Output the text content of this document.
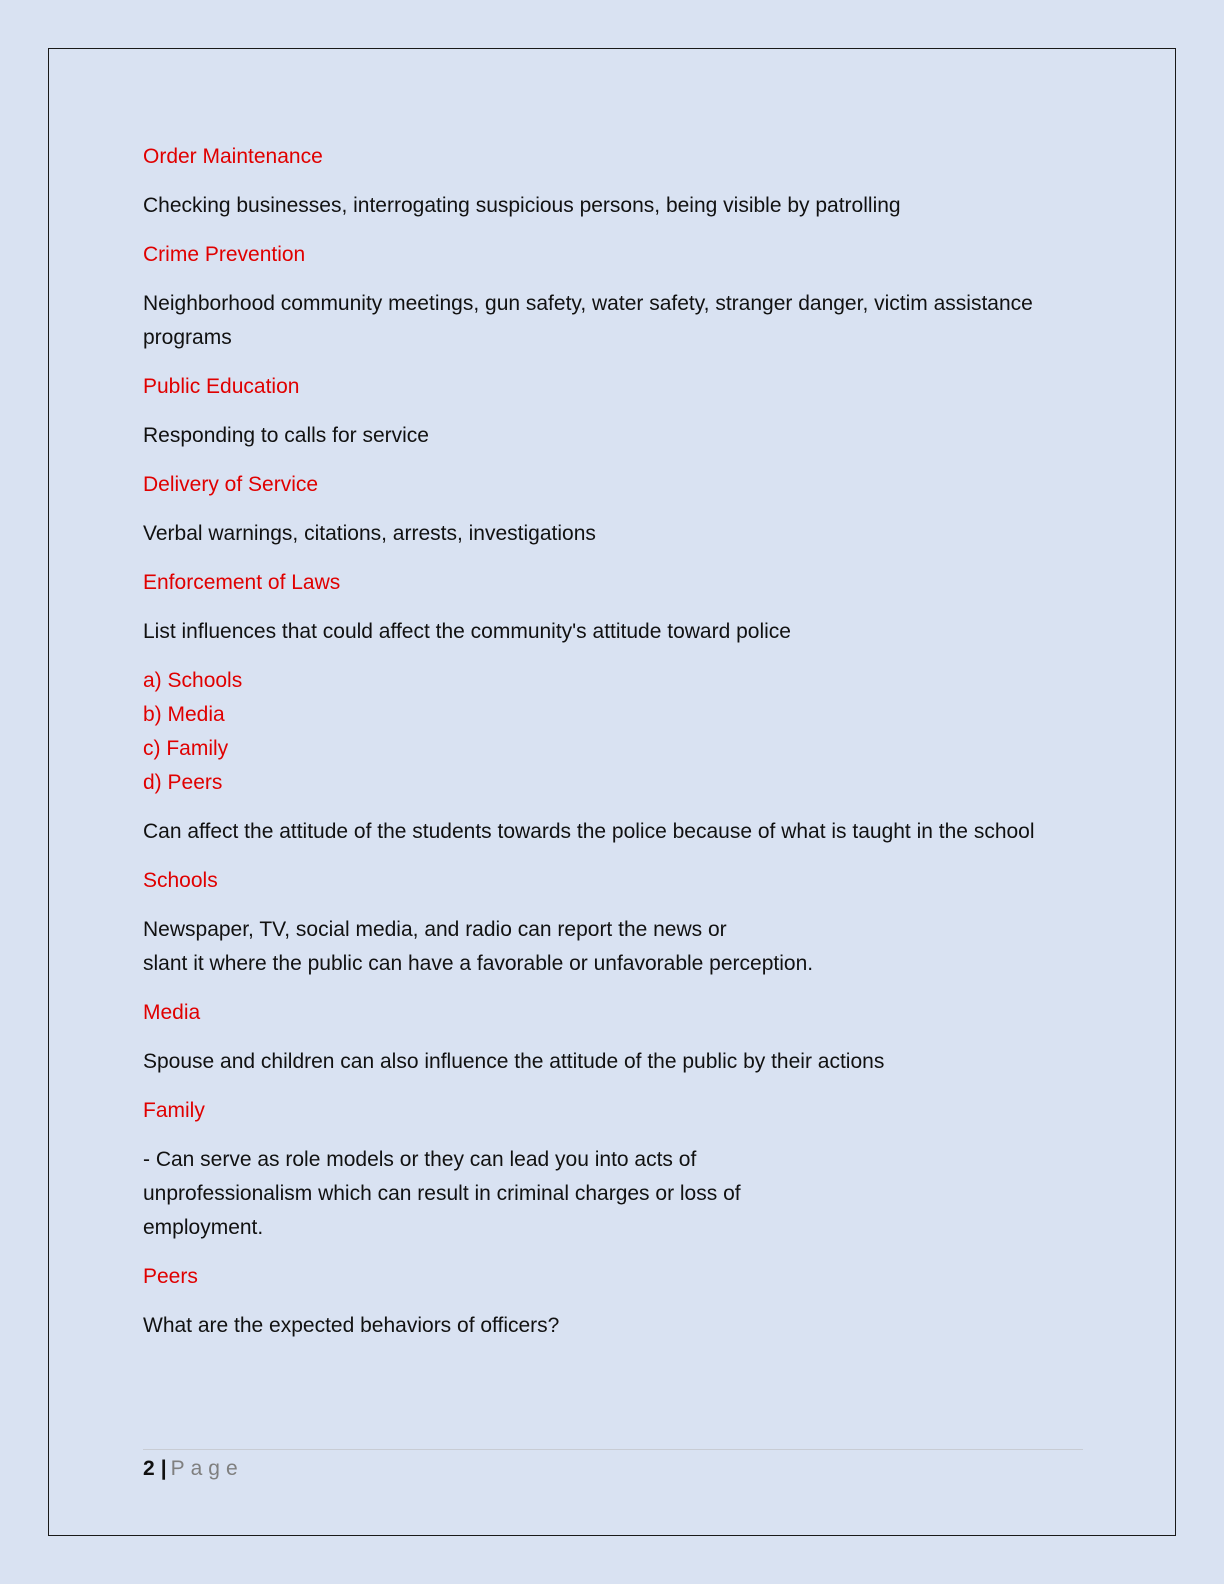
Order Maintenance

Checking businesses, interrogating suspicious persons, being visible by patrolling

Crime Prevention

Neighborhood community meetings, gun safety, water safety, stranger danger, victim assistance programs

Public Education

Responding to calls for service

Delivery of Service

Verbal warnings, citations, arrests, investigations

Enforcement of Laws

List influences that could affect the community's attitude toward police

a) Schools
b) Media
c) Family
d) Peers

Can affect the attitude of the students towards the police because of what is taught in the school

Schools

Newspaper, TV, social media, and radio can report the news or
slant it where the public can have a favorable or unfavorable perception.

Media

Spouse and children can also influence the attitude of the public by their actions

Family

- Can serve as role models or they can lead you into acts of
unprofessionalism which can result in criminal charges or loss of
employment.

Peers

What are the expected behaviors of officers?

2 | Page
